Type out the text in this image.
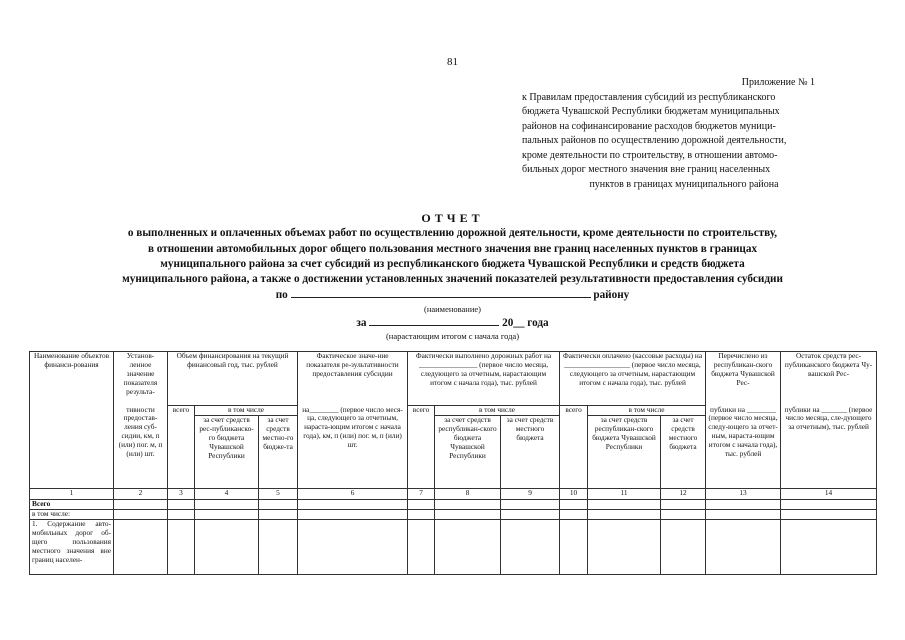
81
Приложение № 1
к Правилам предоставления субсидий из республиканского
бюджета Чувашской Республики бюджетам муниципальных
районов на софинансирование расходов бюджетов муници-
пальных районов по осуществлению дорожной деятельности,
кроме деятельности по строительству, в отношении автомо-
бильных дорог местного значения вне границ населенных
пунктов в границах муниципального района
ОТЧЕТ
о выполненных и оплаченных объемах работ по осуществлению дорожной деятельности, кроме деятельности по строительству,
в отношении автомобильных дорог общего пользования местного значения вне границ населенных пунктов в границах
муниципального района за счет субсидий из республиканского бюджета Чувашской Республики и средств бюджета
муниципального района, а также о достижении установленных значений показателей результативности предоставления субсидии
по	району
(наименование)
за	20__ года
(нарастающим итогом с начала года)
Наименование объектов финанси-рования	Установ-ленное значение показателя результа-	Объем финансирования на текущий финансовый год, тыс. рублей			Фактическое значе-ние показателя ре-зультативности предоставления субсидии	Фактически выполнено дорожных работ на ________________ (первое число месяца, следующего за отчетным, нарастающим итогом с начала года), тыс. рублей			Фактически оплачено (кассовые расходы) на __________________ (первое число месяца, следующего за отчетным, нарастающим итогом с начала года), тыс. рублей			Перечислено из республикан-ского бюджета Чувашской Рес-	Остаток средств рес-публиканского бюджета Чу-вашской Рес-
	тивности предостав-ления суб-сидии, км, п (или) пог. м, п (или) шт.	всего	в том числе		на________ (первое число меся-ца, следующего за отчетным, нараста-ющим итогом с начала года), км, п (или) пог. м, п (или) шт.	всего	в том числе		всего	в том числе		публики на ________ (первое число месяца, следу-ющего за отчет-ным, нараста-ющим итогом с начала года), тыс. рублей	публики на _______ (первое число месяца, сле-дующего за отчетным), тыс. рублей
			за счет средств рес-публиканско-го бюджета Чувашской Республики	за счет средств местно-го бюдже-та			за счет средств республикан-ского бюджета Чувашской Республики	за счет средств местного бюджета		за счет средств республикан-ского бюджета Чувашской Республики	за счет средств местного бюджета		
1	2	3	4	5	6	7	8	9	10	11	12	13	14
Всего													
в том числе:													
1. Содержание авто-мобильных дорог об-щего пользования местного значения вне границ населен-													
